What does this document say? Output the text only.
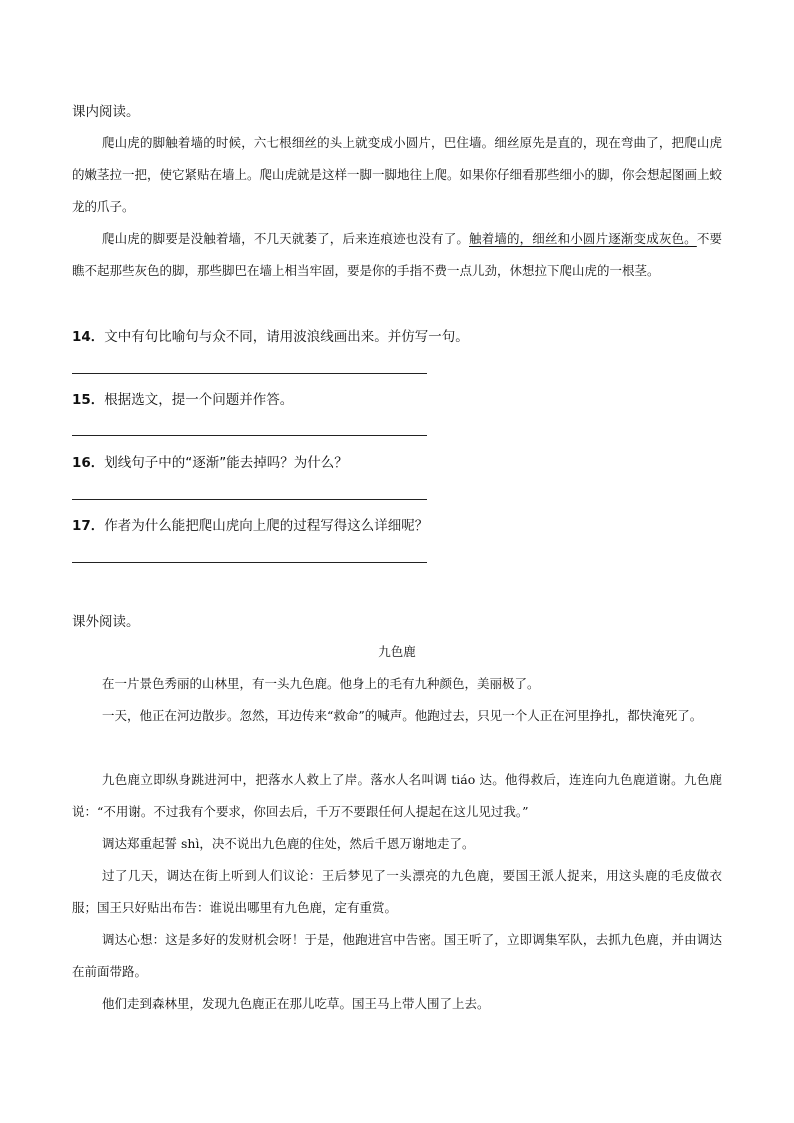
课内阅读。
爬山虎的脚触着墙的时候，六七根细丝的头上就变成小圆片，巴住墙。细丝原先是直的，现在弯曲了，把爬山虎的嫩茎拉一把，使它紧贴在墙上。爬山虎就是这样一脚一脚地往上爬。如果你仔细看那些细小的脚，你会想起图画上蛟龙的爪子。
爬山虎的脚要是没触着墙，不几天就萎了，后来连痕迹也没有了。触着墙的，细丝和小圆片逐渐变成灰色。不要瞧不起那些灰色的脚，那些脚巴在墙上相当牢固，要是你的手指不费一点儿劲，休想拉下爬山虎的一根茎。
14．文中有句比喻句与众不同，请用波浪线画出来。并仿写一句。
15．根据选文，提一个问题并作答。
16．划线句子中的“逐渐”能去掉吗？为什么？
17．作者为什么能把爬山虎向上爬的过程写得这么详细呢？
课外阅读。
九色鹿
在一片景色秀丽的山林里，有一头九色鹿。他身上的毛有九种颜色，美丽极了。
一天，他正在河边散步。忽然，耳边传来“救命”的喊声。他跑过去，只见一个人正在河里挣扎，都快淹死了。
九色鹿立即纵身跳进河中，把落水人救上了岸。落水人名叫调 tiáo 达。他得救后，连连向九色鹿道谢。九色鹿说：“不用谢。不过我有个要求，你回去后，千万不要跟任何人提起在这儿见过我。”
调达郑重起誓 shì，决不说出九色鹿的住处，然后千恩万谢地走了。
过了几天，调达在街上听到人们议论：王后梦见了一头漂亮的九色鹿，要国王派人捉来，用这头鹿的毛皮做衣服；国王只好贴出布告：谁说出哪里有九色鹿，定有重赏。
调达心想：这是多好的发财机会呀！于是，他跑进宫中告密。国王听了，立即调集军队，去抓九色鹿，并由调达在前面带路。
他们走到森林里，发现九色鹿正在那儿吃草。国王马上带人围了上去。
